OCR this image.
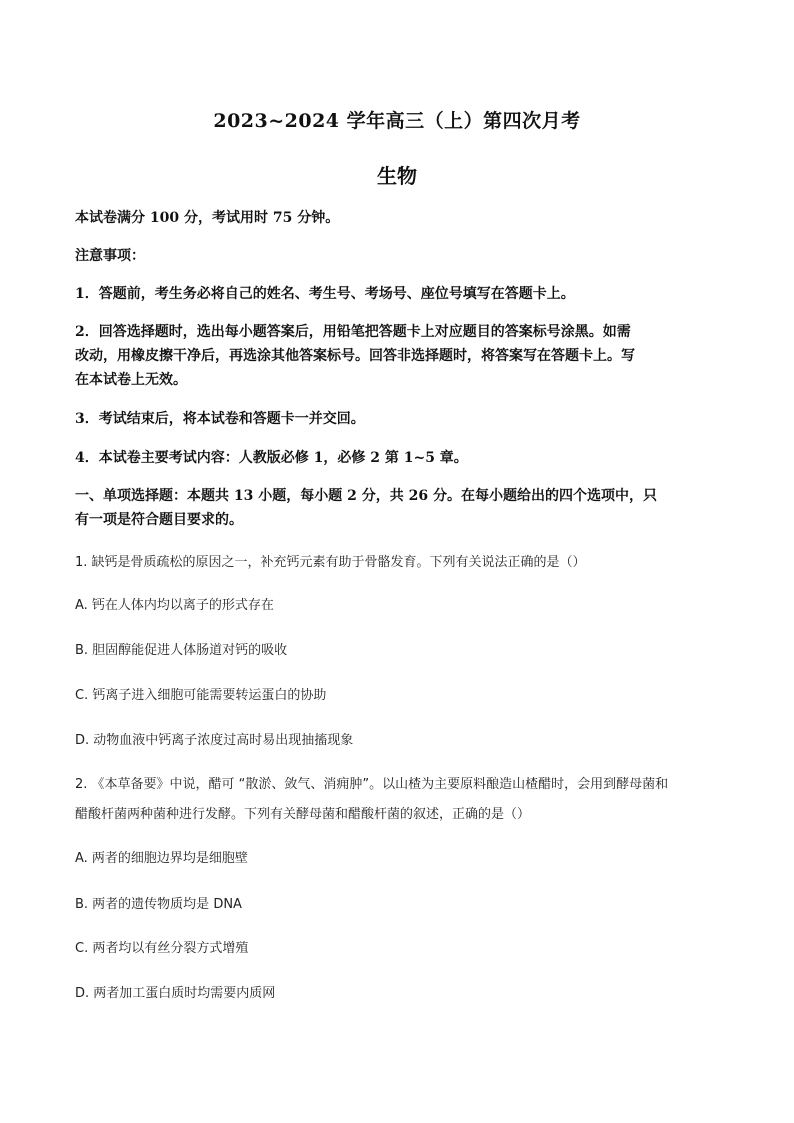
2023~2024 学年高三（上）第四次月考
生物
本试卷满分 100 分，考试用时 75 分钟。
注意事项：
1．答题前，考生务必将自己的姓名、考生号、考场号、座位号填写在答题卡上。
2．回答选择题时，选出每小题答案后，用铅笔把答题卡上对应题目的答案标号涂黑。如需
改动，用橡皮擦干净后，再选涂其他答案标号。回答非选择题时，将答案写在答题卡上。写
在本试卷上无效。
3．考试结束后，将本试卷和答题卡一并交回。
4．本试卷主要考试内容：人教版必修 1，必修 2 第 1~5 章。
一、单项选择题：本题共 13 小题，每小题 2 分，共 26 分。在每小题给出的四个选项中，只
有一项是符合题目要求的。
1. 缺钙是骨质疏松的原因之一，补充钙元素有助于骨骼发育。下列有关说法正确的是（）
A. 钙在人体内均以离子的形式存在
B. 胆固醇能促进人体肠道对钙的吸收
C. 钙离子进入细胞可能需要转运蛋白的协助
D. 动物血液中钙离子浓度过高时易出现抽搐现象
2. 《本草备要》中说，醋可 “散淤、敛气、消痈肿”。以山楂为主要原料酿造山楂醋时，会用到酵母菌和
醋酸杆菌两种菌种进行发酵。下列有关酵母菌和醋酸杆菌的叙述，正确的是（）
A. 两者的细胞边界均是细胞壁
B. 两者的遗传物质均是 DNA
C. 两者均以有丝分裂方式增殖
D. 两者加工蛋白质时均需要内质网
